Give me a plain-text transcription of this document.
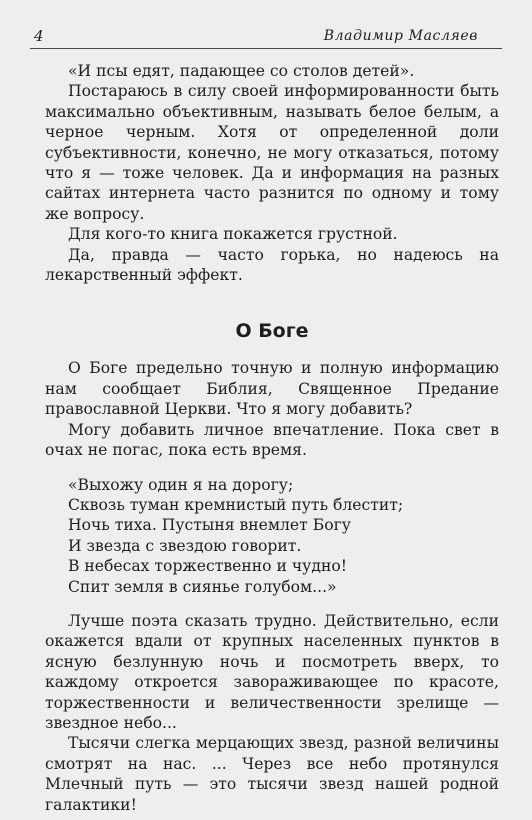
4	Владимир Масляев

«И псы едят, падающее со столов детей».

Постараюсь в силу своей информированности быть максимально объективным, называть белое белым, а черное черным. Хотя от определенной доли субъективности, конечно, не могу отказаться, потому что я — тоже человек. Да и информация на разных сайтах интернета часто разнится по одному и тому же вопросу.

Для кого-то книга покажется грустной.

Да, правда — часто горька, но надеюсь на лекарственный эффект.

О Боге

О Боге предельно точную и полную информацию нам сообщает Библия, Священное Предание православной Церкви. Что я могу добавить?

Могу добавить личное впечатление. Пока свет в очах не погас, пока есть время.

«Выхожу один я на дорогу;
Сквозь туман кремнистый путь блестит;
Ночь тиха. Пустыня внемлет Богу
И звезда с звездою говорит.
В небесах торжественно и чудно!
Спит земля в сиянье голубом...»

Лучше поэта сказать трудно. Действительно, если окажется вдали от крупных населенных пунктов в ясную безлунную ночь и посмотреть вверх, то каждому откроется завораживающее по красоте, торжественности и величественности зрелище — звездное небо...

Тысячи слегка мерцающих звезд, разной величины смотрят на нас. ... Через все небо протянулся Млечный путь — это тысячи звезд нашей родной галактики!
